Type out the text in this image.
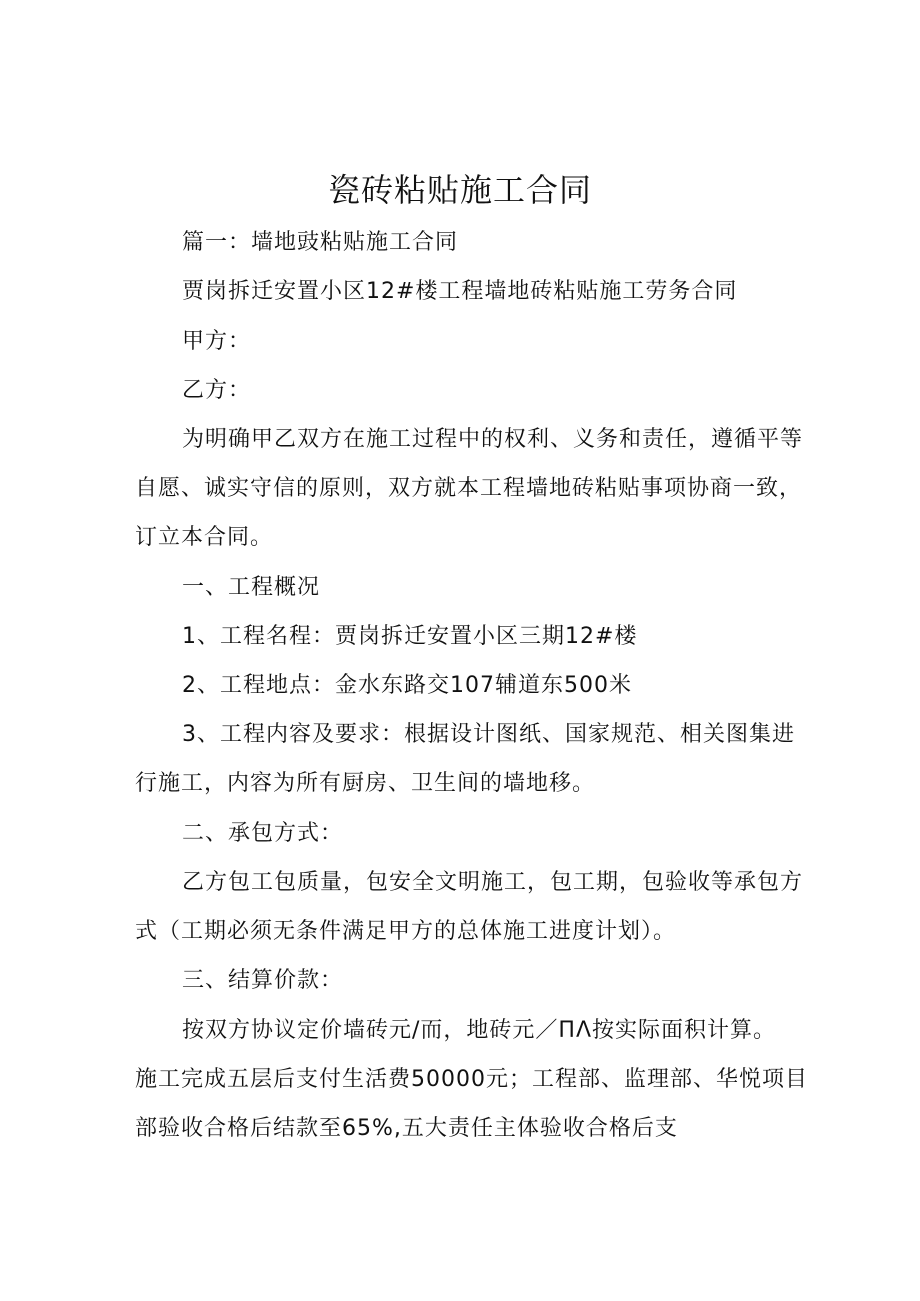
瓷砖粘贴施工合同
篇一：墙地豉粘贴施工合同
贾岗拆迁安置小区12#楼工程墙地砖粘贴施工劳务合同
甲方：
乙方：
为明确甲乙双方在施工过程中的权利、义务和责任，遵循平等
自愿、诚实守信的原则，双方就本工程墙地砖粘贴事项协商一致，
订立本合同。
一、工程概况
1、工程名程：贾岗拆迁安置小区三期12#楼
2、工程地点：金水东路交107辅道东500米
3、工程内容及要求：根据设计图纸、国家规范、相关图集进
行施工，内容为所有厨房、卫生间的墙地移。
二、承包方式：
乙方包工包质量，包安全文明施工，包工期，包验收等承包方
式（工期必须无条件满足甲方的总体施工进度计划）。
三、结算价款：
按双方协议定价墙砖元/而，地砖元／ΠΛ按实际面积计算。
施工完成五层后支付生活费50000元；工程部、监理部、华悦项目
部验收合格后结款至65%,五大责任主体验收合格后支
